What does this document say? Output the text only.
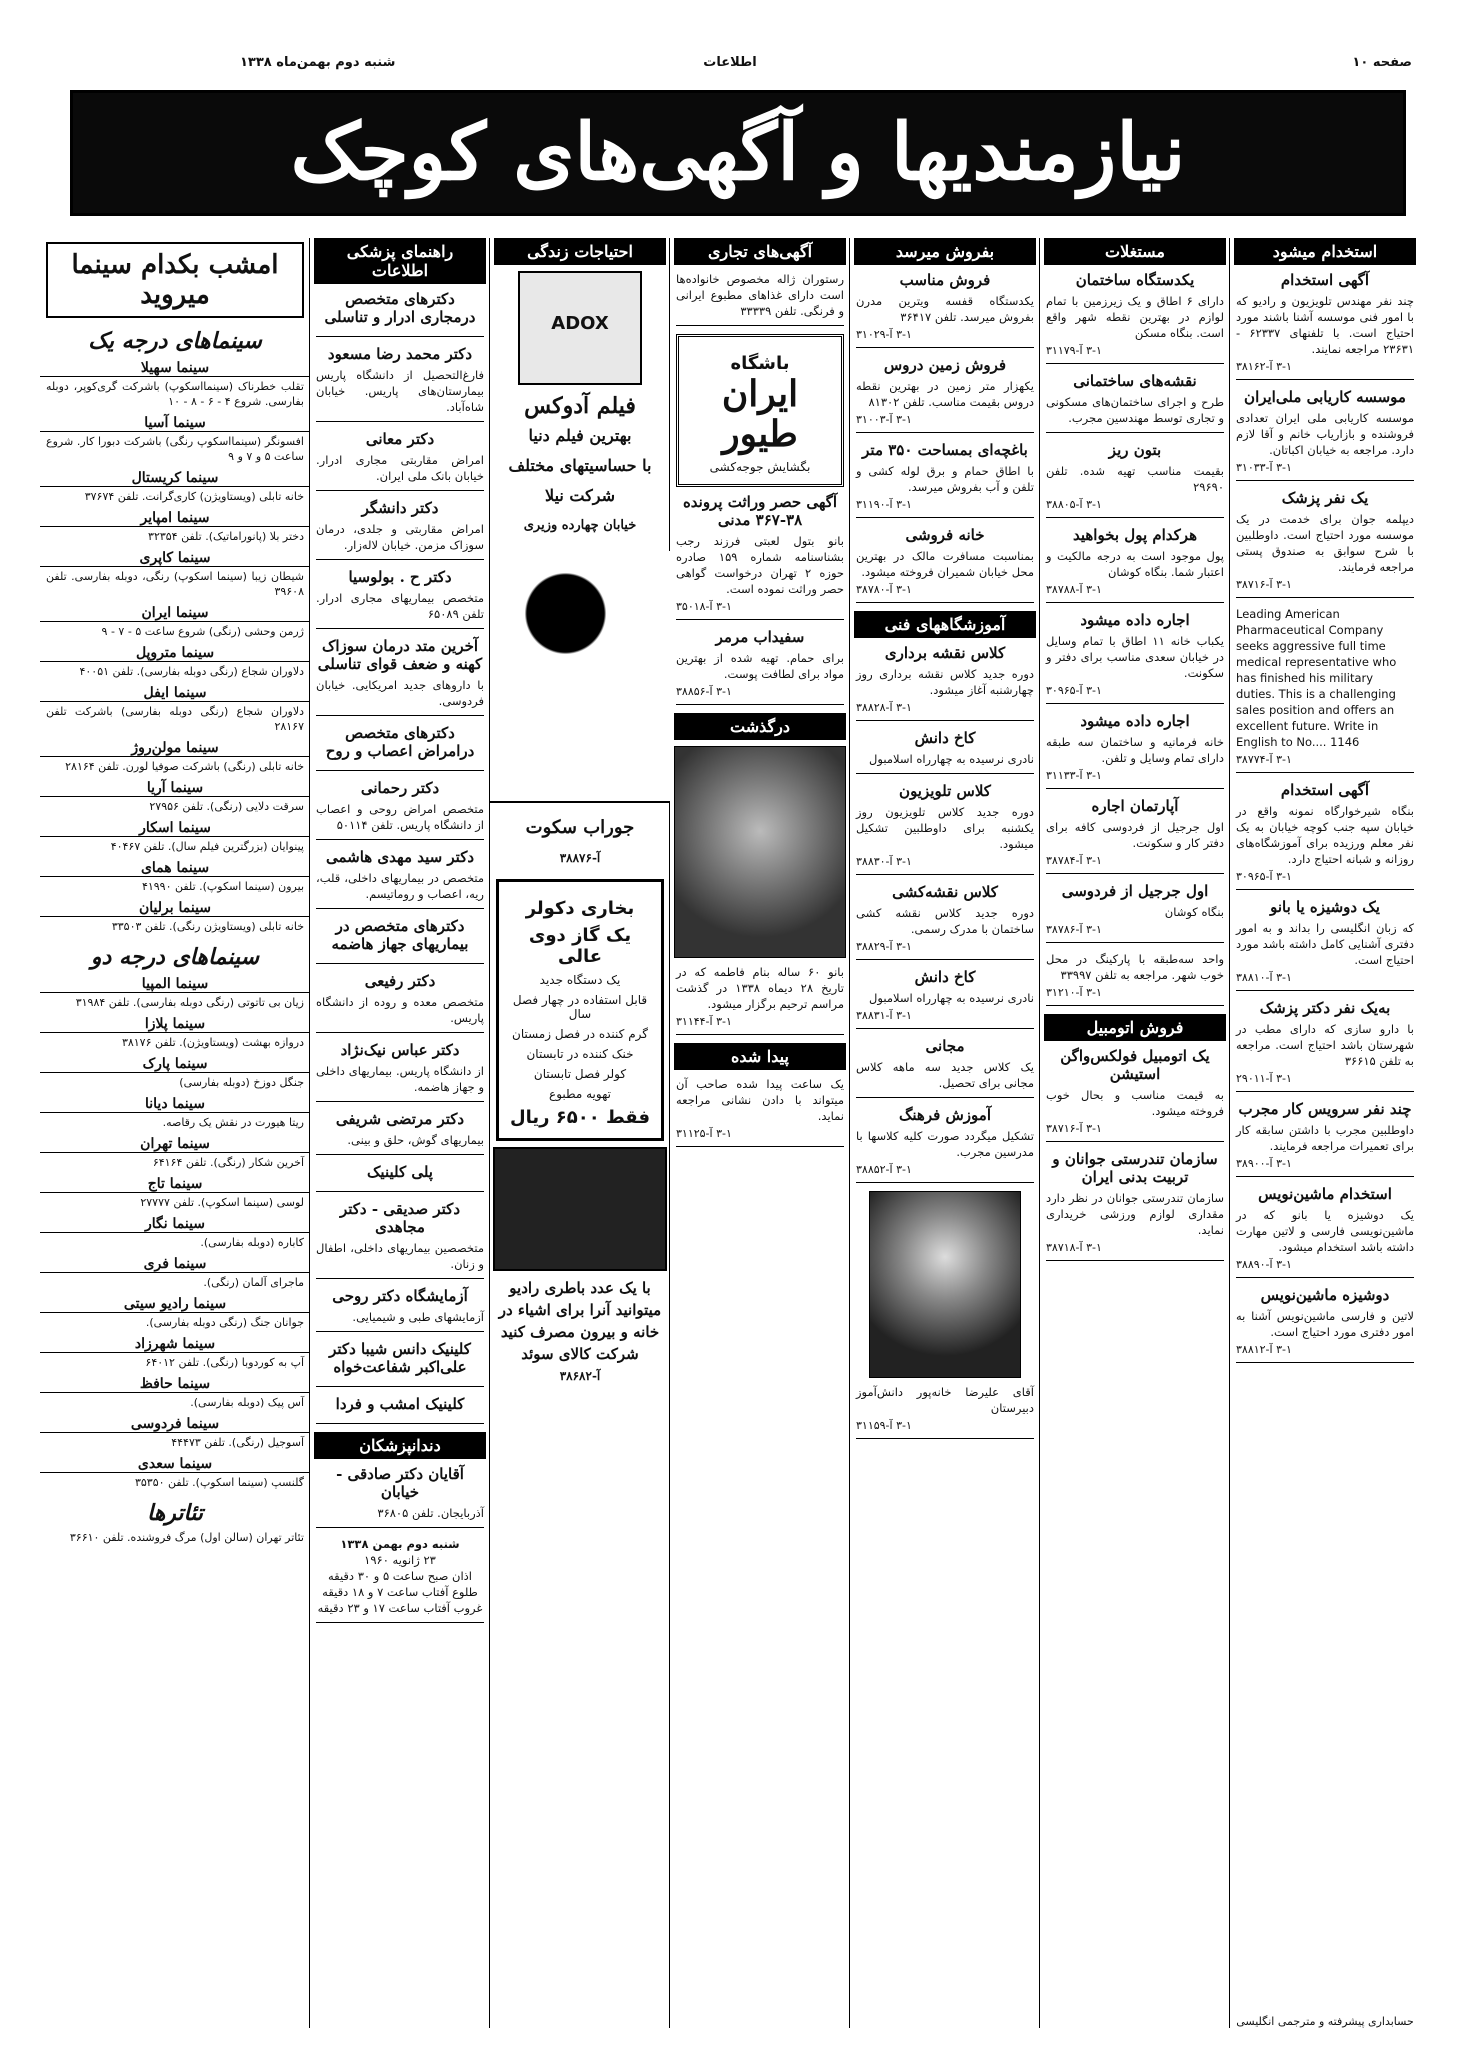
صفحه ۱۰
اطلاعات
شنبه دوم بهمن‌ماه ۱۳۳۸
نیازمندیها و آگهی‌های کوچک
استخدام میشود
آگهی استخدام

چند نفر مهندس تلویزیون و رادیو که با امور فنی موسسه آشنا باشند مورد احتیاج است. با تلفنهای ۶۲۳۳۷ - ۲۳۶۳۱ مراجعه نمایند.

۳-۱ آ-۳۸۱۶۲
موسسه کاریابی ملی‌ایران

موسسه کاریابی ملی ایران تعدادی فروشنده و بازاریاب خانم و آقا لازم دارد. مراجعه به خیابان اکباتان.

۳-۱ آ-۳۱۰۳۳
یک نفر پزشک

دیپلمه جوان برای خدمت در یک موسسه مورد احتیاج است. داوطلبین با شرح سوابق به صندوق پستی مراجعه فرمایند.

۳-۱ آ-۳۸۷۱۶

Leading American Pharmaceutical Company seeks aggressive full time medical representative who has finished his military duties. This is a challenging sales position and offers an excellent future. Write in English to No.... 1146

۳-۱ آ-۳۸۷۷۴
آگهی استخدام

بنگاه شیرخوارگاه نمونه واقع در خیابان سپه جنب کوچه خیابان به یک نفر معلم ورزیده برای آموزشگاه‌های روزانه و شبانه احتیاج دارد.

۳-۱ آ-۳۰۹۶۵
یک دوشیزه یا بانو

که زبان انگلیسی را بداند و به امور دفتری آشنایی کامل داشته باشد مورد احتیاج است.

۳-۱ آ-۳۸۸۱۰
به‌یک نفر دکتر پزشک

با دارو سازی که دارای مطب در شهرستان باشد احتیاج است. مراجعه به تلفن ۳۶۶۱۵

۳-۱ آ-۲۹۰۱۱
چند نفر سرویس کار مجرب

داوطلبین مجرب با داشتن سابقه کار برای تعمیرات مراجعه فرمایند.

۳-۱ آ-۳۸۹۰۰
استخدام ماشین‌نویس

یک دوشیزه یا بانو که در ماشین‌نویسی فارسی و لاتین مهارت داشته باشد استخدام میشود.

۳-۱ آ-۳۸۸۹۰
دوشیزه ماشین‌نویس

لاتین و فارسی ماشین‌نویس آشنا به امور دفتری مورد احتیاج است.

۳-۱ آ-۳۸۸۱۲
حسابداری پیشرفته و مترجمی انگلیسی
مستغلات
یکدستگاه ساختمان

دارای ۶ اطاق و یک زیرزمین با تمام لوازم در بهترین نقطه شهر واقع است. بنگاه مسکن

۳-۱ آ-۳۱۱۷۹
نقشه‌های ساختمانی

طرح و اجرای ساختمان‌های مسکونی و تجاری توسط مهندسین مجرب.

بتون ریز

بقیمت مناسب تهیه شده. تلفن ۲۹۶۹۰

۳-۱ آ-۳۸۸۰۵
هرکدام پول بخواهید

پول موجود است به درجه مالکیت و اعتبار شما. بنگاه کوشان

۳-۱ آ-۳۸۷۸۸
اجاره داده میشود

یکباب خانه ۱۱ اطاق با تمام وسایل در خیابان سعدی مناسب برای دفتر و سکونت.

۳-۱ آ-۳۰۹۶۵
اجاره داده میشود

خانه فرمانیه و ساختمان سه طبقه دارای تمام وسایل و تلفن.

۳-۱ آ-۳۱۱۳۳
آپارتمان اجاره

اول جرجیل از فردوسی کافه برای دفتر کار و سکونت.

۳-۱ آ-۳۸۷۸۴
اول جرجیل از فردوسی

بنگاه کوشان

۳-۱ آ-۳۸۷۸۶

واحد سه‌طبقه با پارکینگ در محل خوب شهر. مراجعه به تلفن ۳۳۹۹۷

۳-۱ آ-۳۱۲۱۰
فروش اتومبیل
یک اتومبیل فولکس‌واگن استیشن

به قیمت مناسب و بحال خوب فروخته میشود.

۳-۱ آ-۳۸۷۱۶
سازمان تندرستی جوانان و تربیت بدنی ایران

سازمان تندرستی جوانان در نظر دارد مقداری لوازم ورزشی خریداری نماید.

۳-۱ آ-۳۸۷۱۸
بفروش میرسد
فروش مناسب

یکدستگاه قفسه ویترین مدرن بفروش میرسد. تلفن ۳۶۴۱۷

۳-۱ آ-۳۱۰۲۹
فروش زمین دروس

یکهزار متر زمین در بهترین نقطه دروس بقیمت مناسب. تلفن ۸۱۳۰۲

۳-۱ آ-۳۱۰۰۳
باغچه‌ای بمساحت ۳۵۰ متر

با اطاق حمام و برق لوله کشی و تلفن و آب بفروش میرسد.

۳-۱ آ-۳۱۱۹۰
خانه فروشی

بمناسبت مسافرت مالک در بهترین محل خیابان شمیران فروخته میشود.

۳-۱ آ-۳۸۷۸۰
آموزشگاههای فنی
کلاس نقشه برداری

دوره جدید کلاس نقشه برداری روز چهارشنبه آغاز میشود.

۳-۱ آ-۳۸۸۲۸
کاخ دانش

نادری نرسیده به چهارراه اسلامبول

کلاس تلویزیون

دوره جدید کلاس تلویزیون روز یکشنبه برای داوطلبین تشکیل میشود.

۳-۱ آ-۳۸۸۳۰
کلاس نقشه‌کشی

دوره جدید کلاس نقشه کشی ساختمان با مدرک رسمی.

۳-۱ آ-۳۸۸۲۹
کاخ دانش

نادری نرسیده به چهارراه اسلامبول

۳-۱ آ-۳۸۸۳۱
مجانی

یک کلاس جدید سه ماهه کلاس مجانی برای تحصیل.

آموزش فرهنگ

تشکیل میگردد صورت کلیه کلاسها با مدرسین مجرب.

۳-۱ آ-۳۸۸۵۲

آقای علیرضا خانه‌پور دانش‌آموز دبیرستان

۳-۱ آ-۳۱۱۵۹
آگهی‌های تجاری

رستوران ژاله مخصوص خانواده‌ها است دارای غذاهای مطبوع ایرانی و فرنگی. تلفن ۳۳۳۳۹

باشگاه
ایران طیور
بگشایش جوجه‌کشی
آگهی حصر وراثت پرونده ۳۸-۳۶۷ مدنی

بانو بتول لعبتی فرزند رجب بشناسنامه شماره ۱۵۹ صادره حوزه ۲ تهران درخواست گواهی حصر وراثت نموده است.

۳-۱ آ-۳۵۰۱۸
سفیداب مرمر

برای حمام. تهیه شده از بهترین مواد برای لطافت پوست.

۳-۱ آ-۳۸۸۵۶
درگذشت

بانو ۶۰ ساله بنام فاطمه که در تاریخ ۲۸ دیماه ۱۳۳۸ در گذشت مراسم ترحیم برگزار میشود.

۳-۱ آ-۳۱۱۴۴
پیدا شده

یک ساعت پیدا شده صاحب آن میتواند با دادن نشانی مراجعه نماید.

۳-۱ آ-۳۱۱۲۵
احتیاجات زندگی
ADOX
فیلم آدوکس
بهترین فیلم دنیا
با حساسیتهای مختلف
شرکت نیلا
خیابان چهارده وزیری
جوراب سکوت
آ-۳۸۸۷۶
بخاری دکولر
یک گاز دوی عالی
یک دستگاه جدید
قابل استفاده در چهار فصل سال
گرم کننده در فصل زمستان
خنک کننده در تابستان
کولر فصل تابستان
تهویه مطبوع
فقط ۶۵۰۰ ریال
با یک عدد باطری رادیو
میتوانید آنرا برای اشیاء در
خانه و بیرون مصرف کنید
شرکت کالای سوئد
آ-۳۸۶۸۲
راهنمای پزشکی اطلاعات
دکترهای متخصص درمجاری ادرار و تناسلی
دکتر محمد رضا مسعود

فارغ‌التحصیل از دانشگاه پاریس بیمارستان‌های پاریس. خیابان شاه‌آباد.

دکتر معانی

امراض مقاربتی مجاری ادرار. خیابان بانک ملی ایران.

دکتر دانشگر

امراض مقاربتی و جلدی، درمان سوزاک مزمن. خیابان لاله‌زار.

دکتر ح . بولوسیا

متخصص بیماریهای مجاری ادرار. تلفن ۶۵۰۸۹

آخرین متد درمان سوزاک کهنه و ضعف قوای تناسلی

با داروهای جدید امریکایی. خیابان فردوسی.

دکترهای متخصص درامراض اعصاب و روح
دکتر رحمانی

متخصص امراض روحی و اعصاب از دانشگاه پاریس. تلفن ۵۰۱۱۴

دکتر سید مهدی هاشمی

متخصص در بیماریهای داخلی، قلب، ریه، اعصاب و روماتیسم.

دکترهای متخصص در بیماریهای جهاز هاضمه
دکتر رفیعی

متخصص معده و روده از دانشگاه پاریس.

دکتر عباس نیک‌نژاد

از دانشگاه پاریس. بیماریهای داخلی و جهاز هاضمه.

دکتر مرتضی شریفی

بیماریهای گوش، حلق و بینی.

پلی کلینیک
دکتر صدیقی - دکتر مجاهدی

متخصصین بیماریهای داخلی، اطفال و زنان.

آزمایشگاه دکتر روحی

آزمایشهای طبی و شیمیایی.

کلینیک دانس شیبا دکتر علی‌اکبر شفاعت‌خواه
کلینیک امشب و فردا
دندانپزشکان
آقایان دکتر صادقی - خیابان

آذربایجان. تلفن ۳۶۸۰۵

شنبه دوم بهمن ۱۳۳۸

۲۳ ژانویه ۱۹۶۰

اذان صبح ساعت ۵ و ۳۰ دقیقه

طلوع آفتاب ساعت ۷ و ۱۸ دقیقه

غروب آفتاب ساعت ۱۷ و ۲۳ دقیقه

امشب بکدام سینما میروید
سینماهای درجه یک
سینما سهیلا

تقلب خطرناک (سینمااسکوپ) باشرکت گری‌کوپر، دوبله بفارسی. شروع ۴ - ۶ - ۸ - ۱۰

سینما آسیا

افسونگر (سینمااسکوپ رنگی) باشرکت دبورا کار. شروع ساعت ۵ و ۷ و ۹

سینما کریستال

خانه تابلی (ویستاویژن) کاری‌گرانت. تلفن ۳۷۶۷۴

سینما امپایر

دختر بلا (پانوراماتیک). تلفن ۳۲۳۵۴

سینما کاپری

شیطان زیبا (سینما اسکوپ) رنگی، دوبله بفارسی. تلفن ۳۹۶۰۸

سینما ایران

ژرمن وحشی (رنگی) شروع ساعت ۵ - ۷ - ۹

سینما متروپل

دلاوران شجاع (رنگی دوبله بفارسی). تلفن ۴۰۰۵۱

سینما ایفل

دلاوران شجاع (رنگی دوبله بفارسی) باشرکت تلفن ۲۸۱۶۷

سینما مولن‌روژ

خانه تابلی (رنگی) باشرکت صوفیا لورن. تلفن ۲۸۱۶۴

سینما آریا

سرقت دلایی (رنگی). تلفن ۲۷۹۵۶

سینما اسکار

پینوایان (بزرگترین فیلم سال). تلفن ۴۰۴۶۷

سینما همای

بیرون (سینما اسکوپ). تلفن ۴۱۹۹۰

سینما برلیان

خانه تابلی (ویستاویژن رنگی). تلفن ۳۳۵۰۳

سینماهای درجه دو
سینما المپیا

زیان بی تاتوتی (رنگی دوبله بفارسی). تلفن ۳۱۹۸۴

سینما پلازا

دروازه بهشت (ویستاویژن). تلفن ۳۸۱۷۶

سینما پارک

جنگل دوزخ (دوبله بفارسی)

سینما دیانا

ریتا هیورت در نقش یک رقاصه.

سینما تهران

آخرین شکار (رنگی). تلفن ۶۴۱۶۴

سینما تاج

لوسی (سینما اسکوپ). تلفن ۲۷۷۷۷

سینما نگار

کاباره (دوبله بفارسی).

سینما فری

ماجرای آلمان (رنگی).

سینما رادیو سیتی

جوانان جنگ (رنگی دوبله بفارسی).

سینما شهرزاد

آپ به کوردوبا (رنگی). تلفن ۶۴۰۱۲

سینما حافظ

آس پیک (دوبله بفارسی).

سینما فردوسی

آسوجیل (رنگی). تلفن ۴۴۴۷۳

سینما سعدی

گلنسپ (سینما اسکوپ). تلفن ۳۵۳۵۰

تئاترها

تئاتر تهران (سالن اول) مرگ فروشنده. تلفن ۳۶۶۱۰
